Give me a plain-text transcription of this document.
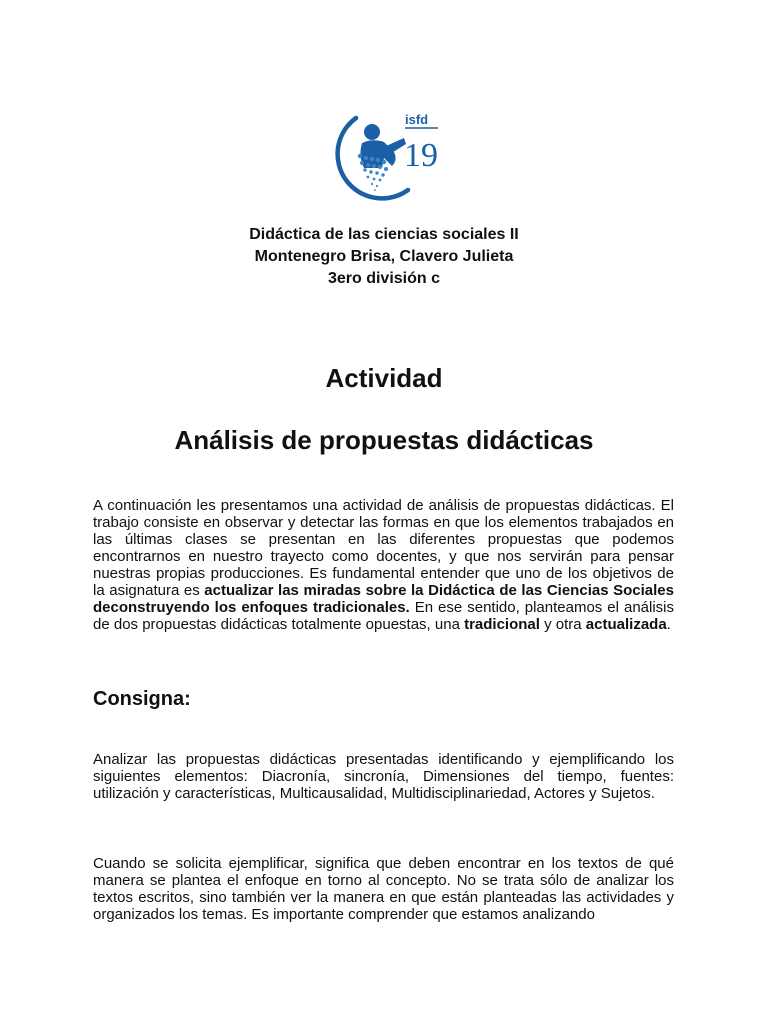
isfd
19
Didáctica de las ciencias sociales II
Montenegro Brisa, Clavero Julieta
3ero división c
Actividad
Análisis de propuestas didácticas
A continuación les presentamos una actividad de análisis de propuestas didácticas. El trabajo consiste en observar y detectar las formas en que los elementos trabajados en las últimas clases se presentan en las diferentes propuestas que podemos encontrarnos en nuestro trayecto como docentes, y que nos servirán para pensar nuestras propias producciones. Es fundamental entender que uno de los objetivos de la asignatura es actualizar las miradas sobre la Didáctica de las Ciencias Sociales deconstruyendo los enfoques tradicionales. En ese sentido, planteamos el análisis de dos propuestas didácticas totalmente opuestas, una tradicional y otra actualizada.
Consigna:
Analizar las propuestas didácticas presentadas identificando y ejemplificando los siguientes elementos: Diacronía, sincronía, Dimensiones del tiempo, fuentes: utilización y características, Multicausalidad, Multidisciplinariedad, Actores y Sujetos.
Cuando se solicita ejemplificar, significa que deben encontrar en los textos de qué manera se plantea el enfoque en torno al concepto. No se trata sólo de analizar los textos escritos, sino también ver la manera en que están planteadas las actividades y organizados los temas. Es importante comprender que estamos analizando
